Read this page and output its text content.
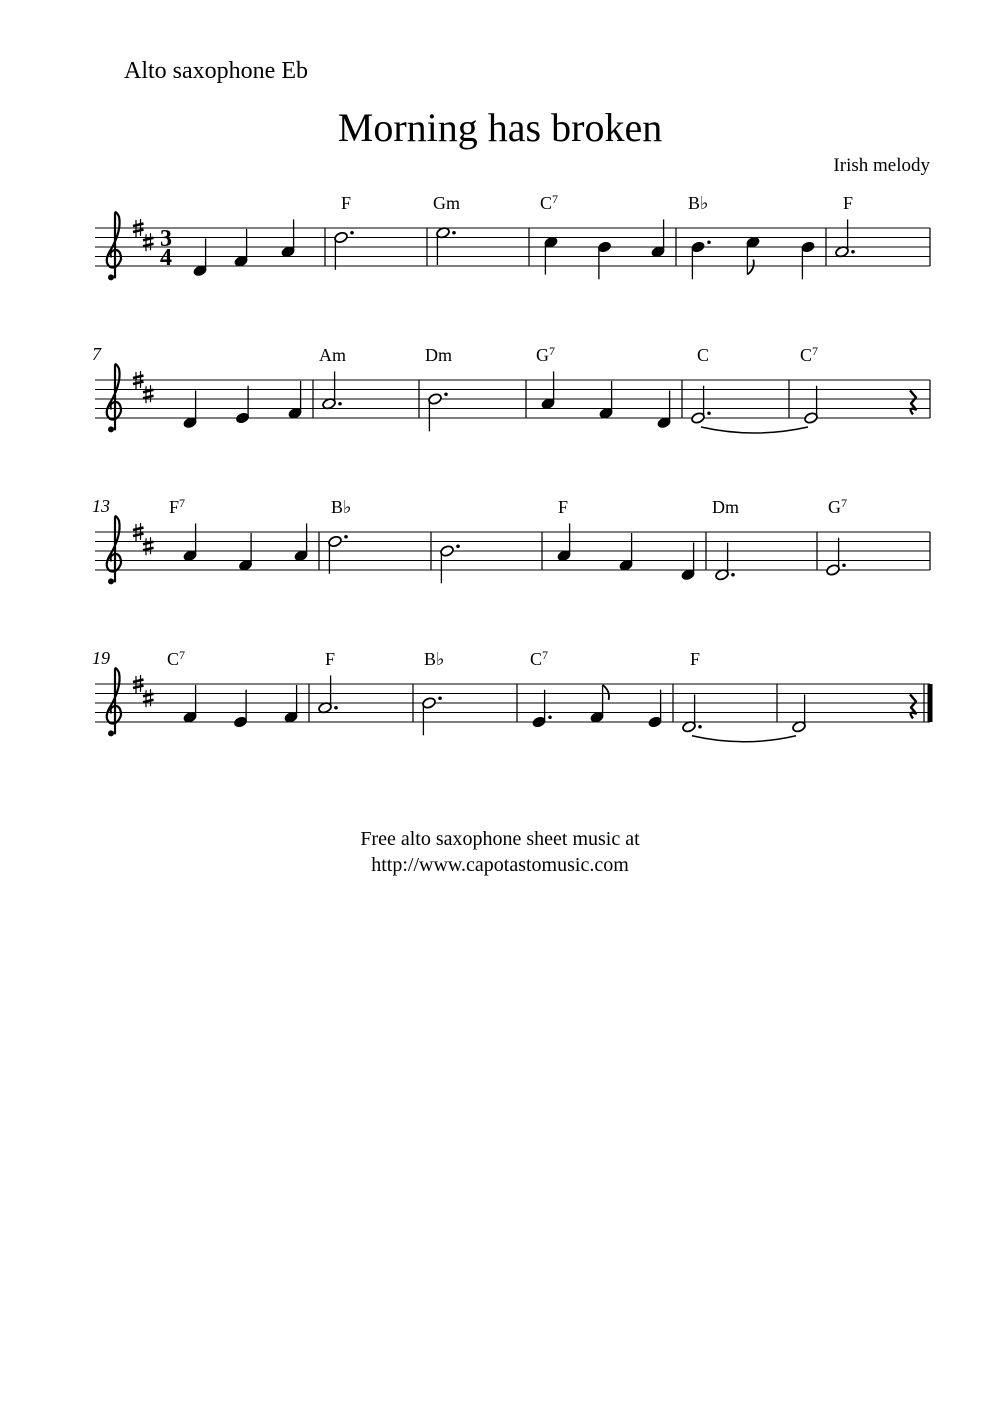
Alto saxophone Eb
Morning has broken
Irish melody
3
4
F	Gm	$C^7$	B♭	F
7	Am	Dm	$G^7$	C	$C^7$
13	$F^7$	B♭	F	Dm	$G^7$
19	$C^7$	F	B♭	$C^7$	F
Free alto saxophone sheet music at
http://www.capotastomusic.com
